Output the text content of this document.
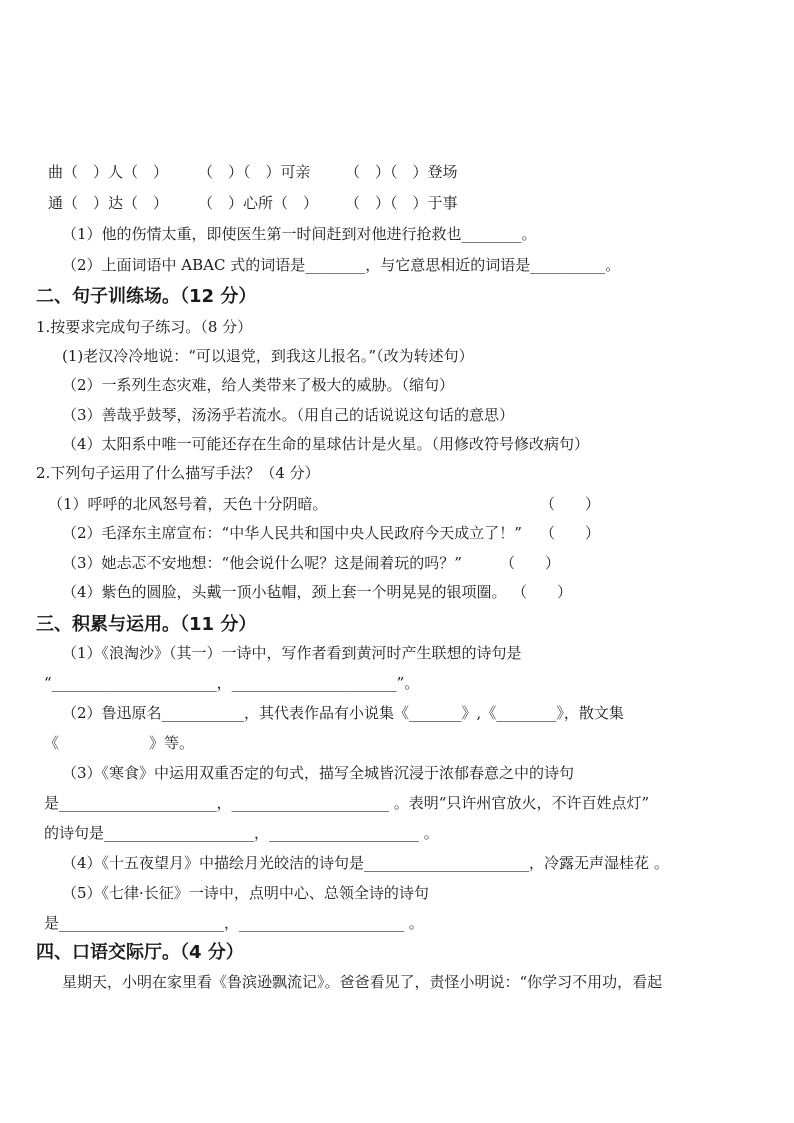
曲（　）人（　） （　）（　）可亲 （　）（　）登场
通（　）达（　） （　）心所（　） （　）（　）于事
（1）他的伤情太重，即使医生第一时间赶到对他进行抢救也________。
（2）上面词语中 ABAC 式的词语是________，与它意思相近的词语是__________。
二、句子训练场。（12 分）
1.按要求完成句子练习。（8 分）
(1)老汉冷冷地说：“可以退党，到我这儿报名。”（改为转述句）
（2）一系列生态灾难，给人类带来了极大的威胁。（缩句）
（3）善哉乎鼓琴，汤汤乎若流水。（用自己的话说说这句话的意思）
（4）太阳系中唯一可能还存在生命的星球估计是火星。（用修改符号修改病句）
2.下列句子运用了什么描写手法？（4 分）
（1）呼呼的北风怒号着，天色十分阴暗。	（　　）
（2）毛泽东主席宣布：“中华人民共和国中央人民政府今天成立了！” （　　）
（3）她忐忑不安地想：“他会说什么呢？这是闹着玩的吗？”	（　　）
（4）紫色的圆脸，头戴一顶小毡帽，颈上套一个明晃晃的银项圈。 （　　）
三、积累与运用。（11 分）
（1）《浪淘沙》（其一）一诗中，写作者看到黄河时产生联想的诗句是
“______________________，______________________”。
（2）鲁迅原名___________，其代表作品有小说集《_______》,《________》，散文集
《　　　　　　》等。
（3）《寒食》中运用双重否定的句式，描写全城皆沉浸于浓郁春意之中的诗句
是_____________________，_____________________ 。表明“只许州官放火，不许百姓点灯”
的诗句是____________________，____________________ 。
（4）《十五夜望月》中描绘月光皎洁的诗句是______________________，冷露无声湿桂花 。
（5）《七律·长征》一诗中，点明中心、总领全诗的诗句
是______________________，______________________ 。
四、口语交际厅。（4 分）
星期天，小明在家里看《鲁滨逊飘流记》。爸爸看见了，责怪小明说：“你学习不用功，看起
